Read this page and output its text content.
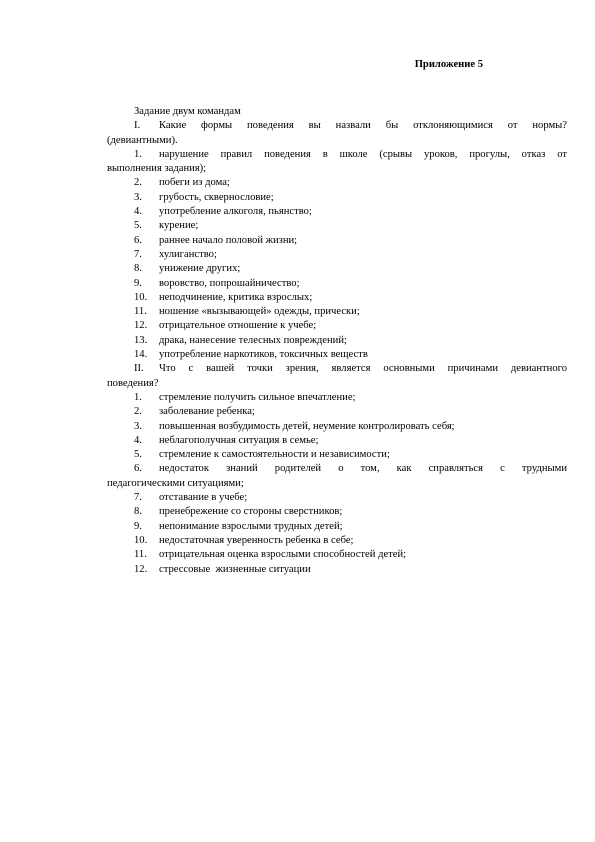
Приложение 5

Задание двум командам

I. Какие формы поведения вы назвали бы отклоняющимися от нормы?

(девиантными).

1. нарушение правил поведения в школе (срывы уроков, прогулы, отказ от

выполнения задания);

2. побеги из дома;

3. грубость, сквернословие;

4. употребление алкоголя, пьянство;

5. курение;

6. раннее начало половой жизни;

7. хулиганство;

8. унижение других;

9. воровство, попрошайничество;

10. неподчинение, критика взрослых;

11. ношение «вызывающей» одежды, прически;

12. отрицательное отношение к учебе;

13. драка, нанесение телесных повреждений;

14. употребление наркотиков, токсичных веществ

II. Что с вашей точки зрения, является основными причинами девиантного

поведения?

1. стремление получить сильное впечатление;

2. заболевание ребенка;

3. повышенная возбудимость детей, неумение контролировать себя;

4. неблагополучная ситуация в семье;

5. стремление к самостоятельности и независимости;

6. недостаток знаний родителей о том, как справляться с трудными

педагогическими ситуациями;

7. отставание в учебе;

8. пренебрежение со стороны сверстников;

9. непонимание взрослыми трудных детей;

10. недостаточная уверенность ребенка в себе;

11. отрицательная оценка взрослыми способностей детей;

12. стрессовые  жизненные ситуации
